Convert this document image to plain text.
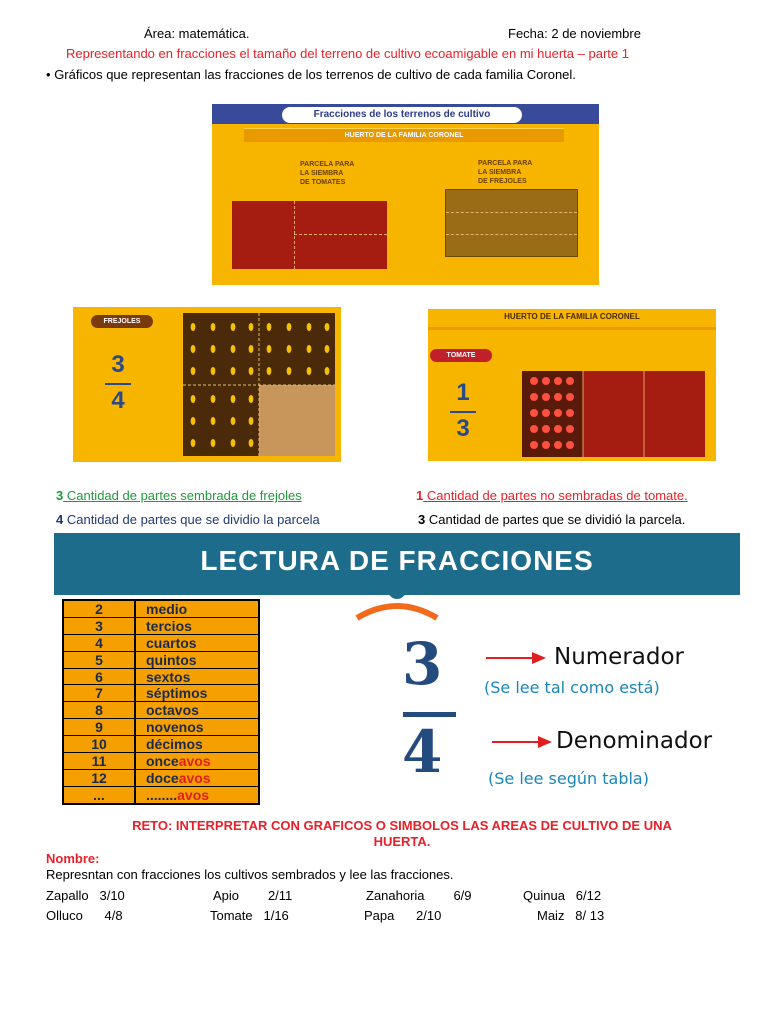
Área: matemática.	Fecha: 2 de noviembre
Representando en fracciones el tamaño del terreno de cultivo ecoamigable en mi huerta – parte 1
• Gráficos que representan las fracciones de los terrenos de cultivo de cada familia Coronel.
Fracciones de los terrenos de cultivo
HUERTO DE LA FAMILIA CORONEL
PARCELA PARA
LA SIEMBRA
DE TOMATES
PARCELA PARA
LA SIEMBRA
DE FREJOLES
FREJOLES
3
4
HUERTO DE LA FAMILIA CORONEL
TOMATE
1
3
3 Cantidad de partes sembrada de frejoles
4 Cantidad de partes que se dividio la parcela
1 Cantidad de partes no sembradas de tomate.
3 Cantidad de partes que se dividió la parcela.
LECTURA DE FRACCIONES
2	medio
3	tercios
4	cuartos
5	quintos
6	sextos
7	séptimos
8	octavos
9	novenos
10	décimos
11	onceavos
12	doceavos
...	........avos
3
4
Numerador
(Se lee tal como está)
Denominador
(Se lee según tabla)
RETO: INTERPRETAR CON GRAFICOS O SIMBOLOS LAS AREAS DE CULTIVO DE UNA
HUERTA.
Nombre:
Represntan con fracciones los cultivos sembrados y lee las fracciones.
Zapallo 3/10	Apio 2/11	Zanahoria 6/9	Quinua 6/12
Olluco 4/8	Tomate 1/16	Papa 2/10	Maiz 8/ 13
